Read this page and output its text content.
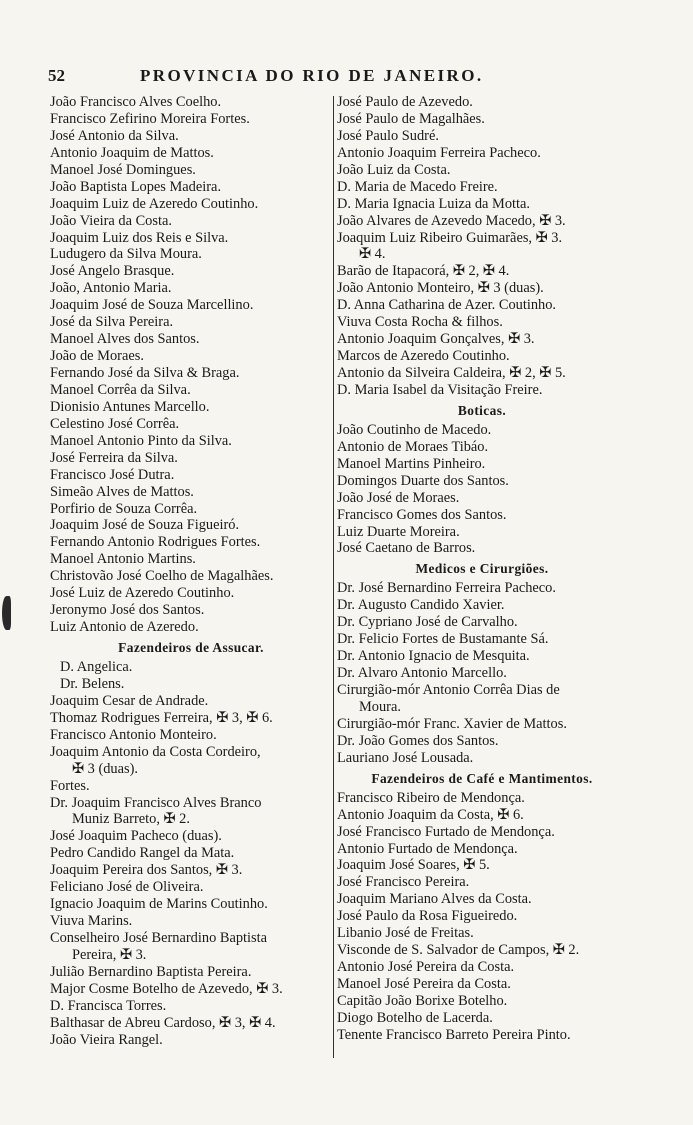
52	PROVINCIA DO RIO DE JANEIRO.
João Francisco Alves Coelho.
Francisco Zefirino Moreira Fortes.
José Antonio da Silva.
Antonio Joaquim de Mattos.
Manoel José Domingues.
João Baptista Lopes Madeira.
Joaquim Luiz de Azeredo Coutinho.
João Vieira da Costa.
Joaquim Luiz dos Reis e Silva.
Ludugero da Silva Moura.
José Angelo Brasque.
João, Antonio Maria.
Joaquim José de Souza Marcellino.
José da Silva Pereira.
Manoel Alves dos Santos.
João de Moraes.
Fernando José da Silva & Braga.
Manoel Corrêa da Silva.
Dionisio Antunes Marcello.
Celestino José Corrêa.
Manoel Antonio Pinto da Silva.
José Ferreira da Silva.
Francisco José Dutra.
Simeão Alves de Mattos.
Porfirio de Souza Corrêa.
Joaquim José de Souza Figueiró.
Fernando Antonio Rodrigues Fortes.
Manoel Antonio Martins.
Christovão José Coelho de Magalhães.
José Luiz de Azeredo Coutinho.
Jeronymo José dos Santos.
Luiz Antonio de Azeredo.
Fazendeiros de Assucar.
D. Angelica.
Dr. Belens.
Joaquim Cesar de Andrade.
Thomaz Rodrigues Ferreira, ✠ 3, ✠ 6.
Francisco Antonio Monteiro.
Joaquim Antonio da Costa Cordeiro,
✠ 3 (duas).
Fortes.
Dr. Joaquim Francisco Alves Branco
Muniz Barreto, ✠ 2.
José Joaquim Pacheco (duas).
Pedro Candido Rangel da Mata.
Joaquim Pereira dos Santos, ✠ 3.
Feliciano José de Oliveira.
Ignacio Joaquim de Marins Coutinho.
Viuva Marins.
Conselheiro José Bernardino Baptista
Pereira, ✠ 3.
Julião Bernardino Baptista Pereira.
Major Cosme Botelho de Azevedo, ✠ 3.
D. Francisca Torres.
Balthasar de Abreu Cardoso, ✠ 3, ✠ 4.
João Vieira Rangel.
José Paulo de Azevedo.
José Paulo de Magalhães.
José Paulo Sudré.
Antonio Joaquim Ferreira Pacheco.
João Luiz da Costa.
D. Maria de Macedo Freire.
D. Maria Ignacia Luiza da Motta.
João Alvares de Azevedo Macedo, ✠ 3.
Joaquim Luiz Ribeiro Guimarães, ✠ 3.
✠ 4.
Barão de Itapacorá, ✠ 2, ✠ 4.
João Antonio Monteiro, ✠ 3 (duas).
D. Anna Catharina de Azer. Coutinho.
Viuva Costa Rocha & filhos.
Antonio Joaquim Gonçalves, ✠ 3.
Marcos de Azeredo Coutinho.
Antonio da Silveira Caldeira, ✠ 2, ✠ 5.
D. Maria Isabel da Visitação Freire.
Boticas.
João Coutinho de Macedo.
Antonio de Moraes Tibáo.
Manoel Martins Pinheiro.
Domingos Duarte dos Santos.
João José de Moraes.
Francisco Gomes dos Santos.
Luiz Duarte Moreira.
José Caetano de Barros.
Medicos e Cirurgiões.
Dr. José Bernardino Ferreira Pacheco.
Dr. Augusto Candido Xavier.
Dr. Cypriano José de Carvalho.
Dr. Felicio Fortes de Bustamante Sá.
Dr. Antonio Ignacio de Mesquita.
Dr. Alvaro Antonio Marcello.
Cirurgião-mór Antonio Corrêa Dias de
Moura.
Cirurgião-mór Franc. Xavier de Mattos.
Dr. João Gomes dos Santos.
Lauriano José Lousada.
Fazendeiros de Café e Mantimentos.
Francisco Ribeiro de Mendonça.
Antonio Joaquim da Costa, ✠ 6.
José Francisco Furtado de Mendonça.
Antonio Furtado de Mendonça.
Joaquim José Soares, ✠ 5.
José Francisco Pereira.
Joaquim Mariano Alves da Costa.
José Paulo da Rosa Figueiredo.
Libanio José de Freitas.
Visconde de S. Salvador de Campos, ✠ 2.
Antonio José Pereira da Costa.
Manoel José Pereira da Costa.
Capitão João Borixe Botelho.
Diogo Botelho de Lacerda.
Tenente Francisco Barreto Pereira Pinto.
